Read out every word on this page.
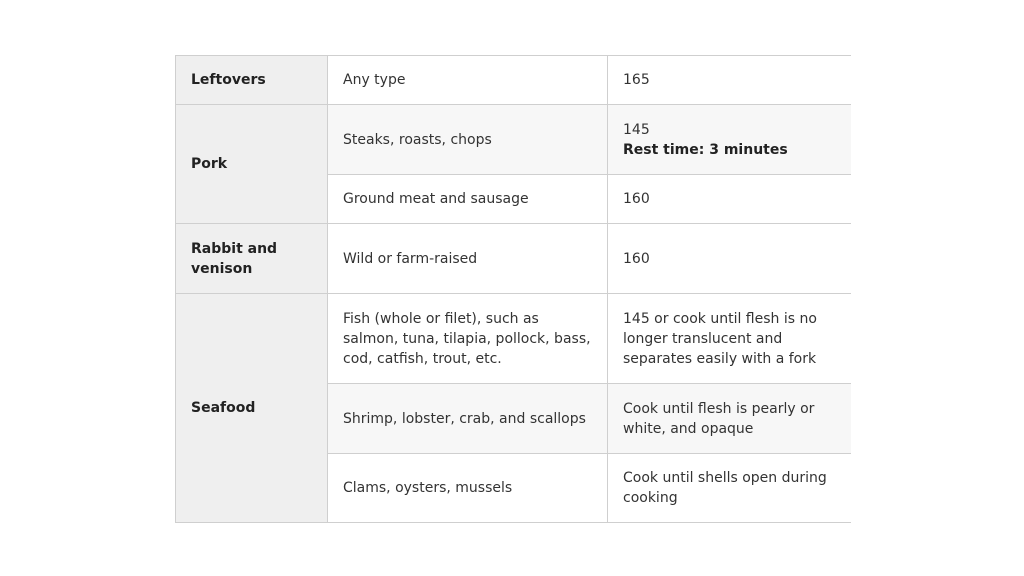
Leftovers	Any type	165
Pork	Steaks, roasts, chops	145
Rest time: 3 minutes

	Ground meat and sausage	160
Rabbit and venison	Wild or farm-raised	160
Seafood	Fish (whole or filet), such as salmon, tuna, tilapia, pollock, bass, cod, catfish, trout, etc.	145 or cook until flesh is no longer translucent and separates easily with a fork
	Shrimp, lobster, crab, and scallops	Cook until flesh is pearly or white, and opaque
	Clams, oysters, mussels	Cook until shells open during cooking
